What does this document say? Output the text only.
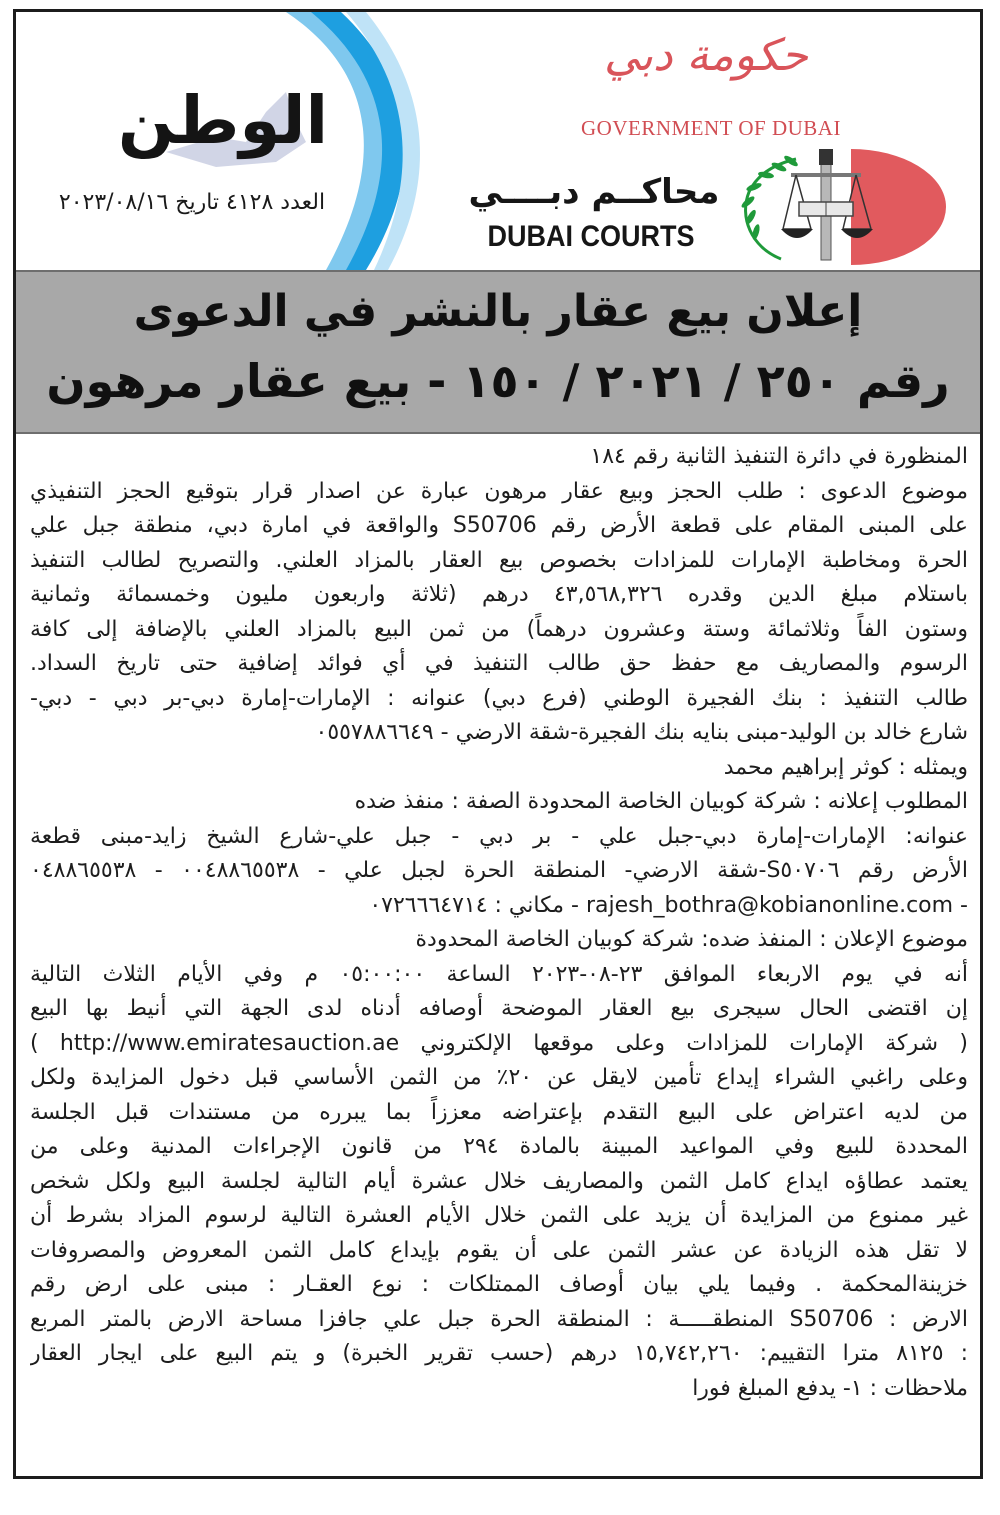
الوطن
العدد ٤١٢٨ تاريخ ٢٠٢٣/٠٨/١٦
حكومة دبي
GOVERNMENT OF DUBAI
محاكــم دبــــي
DUBAI COURTS
إعلان بيع عقار بالنشر في الدعوى
رقم ٢٥٠ / ٢٠٢١ / ١٥٠ - بيع عقار مرهون
المنظورة في دائرة التنفيذ الثانية رقم ١٨٤
موضوع الدعوى : طلب الحجز وبيع عقار مرهون عبارة عن اصدار قرار بتوقيع الحجز التنفيذي
على المبنى المقام على قطعة الأرض رقم S50706 والواقعة في امارة دبي، منطقة جبل علي
الحرة ومخاطبة الإمارات للمزادات بخصوص بيع العقار بالمزاد العلني. والتصريح لطالب التنفيذ
باستلام مبلغ الدين وقدره ٤٣,٥٦٨,٣٢٦ درهم (ثلاثة واربعون مليون وخمسمائة وثمانية
وستون الفاً وثلاثمائة وستة وعشرون درهماً) من ثمن البيع بالمزاد العلني بالإضافة إلى كافة
الرسوم والمصاريف مع حفظ حق طالب التنفيذ في أي فوائد إضافية حتى تاريخ السداد.
طالب التنفيذ : بنك الفجيرة الوطني (فرع دبي) عنوانه : الإمارات-إمارة دبي-بر دبي - دبي-
شارع خالد بن الوليد-مبنى بنايه بنك الفجيرة-شقة الارضي - ٠٥٥٧٨٨٦٦٤٩
ويمثله : كوثر إبراهيم محمد
المطلوب إعلانه : شركة كوبيان الخاصة المحدودة الصفة : منفذ ضده
عنوانه: الإمارات-إمارة دبي-جبل علي - بر دبي - جبل علي-شارع الشيخ زايد-مبنى قطعة
الأرض رقم S٥٠٧٠٦-شقة الارضي- المنطقة الحرة لجبل علي - ٠٠٤٨٨٦٥٥٣٨ - ٠٤٨٨٦٥٥٣٨
- rajesh_bothra@kobianonline.com - مكاني : ٠٧٢٦٦٦٤٧١٤
موضوع الإعلان : المنفذ ضده: شركة كوبيان الخاصة المحدودة
أنه في يوم الاربعاء الموافق ٢٣-٠٨-٢٠٢٣ الساعة ٠٥:٠٠:٠٠ م وفي الأيام الثلاث التالية
إن اقتضى الحال سيجرى بيع العقار الموضحة أوصافه أدناه لدى الجهة التي أنيط بها البيع
( شركة الإمارات للمزادات وعلى موقعها الإلكتروني http://www.emiratesauction.ae )
وعلى راغبي الشراء إيداع تأمين لايقل عن ٢٠٪ من الثمن الأساسي قبل دخول المزايدة ولكل
من لديه اعتراض على البيع التقدم بإعتراضه معززاً بما يبرره من مستندات قبل الجلسة
المحددة للبيع وفي المواعيد المبينة بالمادة ٢٩٤ من قانون الإجراءات المدنية وعلى من
يعتمد عطاؤه ايداع كامل الثمن والمصاريف خلال عشرة أيام التالية لجلسة البيع ولكل شخص
غير ممنوع من المزايدة أن يزيد على الثمن خلال الأيام العشرة التالية لرسوم المزاد بشرط أن
لا تقل هذه الزيادة عن عشر الثمن على أن يقوم بإيداع كامل الثمن المعروض والمصروفات
خزينةالمحكمة . وفيما يلي بيان أوصاف الممتلكات : نوع العقـار : مبنى على ارض رقم
الارض : S50706 المنطقـــــة : المنطقة الحرة جبل علي جافزا مساحة الارض بالمتر المربع
: ٨١٢٥ مترا التقييم: ١٥,٧٤٢,٢٦٠ درهم (حسب تقرير الخبرة) و يتم البيع على ايجار العقار
ملاحظات : ١- يدفع المبلغ فورا
